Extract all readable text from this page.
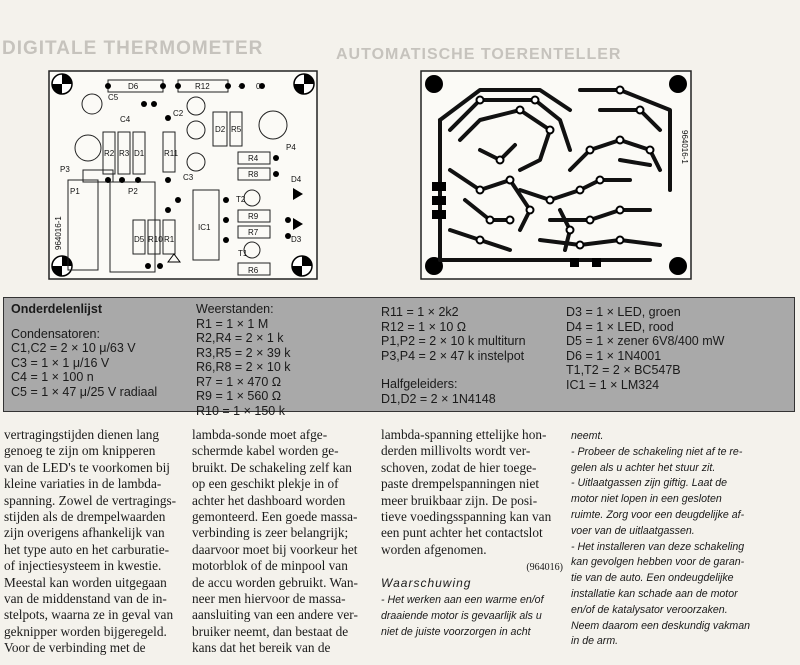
DIGITALE THERMOMETER	AUTOMATISCHE TOERENTELLER
D6	R12	+ 0
C5
C4
C2
D2 R5
P3
R2 R3 D1 R11
P4
R4
C3	R8
D4
P1	P2
T2
R9
D5 R10 R1
IC1
R7
D3
T1
R6
964016-1
964016-1
Onderdelenlijst
Condensatoren:
C1,C2 = 2 × 10 μ/63 V
C3 = 1 × 1 μ/16 V
C4 = 1 × 100 n
C5 = 1 × 47 μ/25 V radiaal
Weerstanden:
R1 = 1 × 1 M
R2,R4 = 2 × 1 k
R3,R5 = 2 × 39 k
R6,R8 = 2 × 10 k
R7 = 1 × 470 Ω
R9 = 1 × 560 Ω
R10 = 1 × 150 k
R11 = 1 × 2k2
R12 = 1 × 10 Ω
P1,P2 = 2 × 10 k multiturn
P3,P4 = 2 × 47 k instelpot
Halfgeleiders:
D1,D2 = 2 × 1N4148
D3 = 1 × LED, groen
D4 = 1 × LED, rood
D5 = 1 × zener 6V8/400 mW
D6 = 1 × 1N4001
T1,T2 = 2 × BC547B
IC1 = 1 × LM324
vertragingstijden dienen lang
genoeg te zijn om knipperen
van de LED's te voorkomen bij
kleine variaties in de lambda-
spanning. Zowel de vertragings-
stijden als de drempelwaarden
zijn overigens afhankelijk van
het type auto en het carburatie-
of injectiesysteem in kwestie.
Meestal kan worden uitgegaan
van de middenstand van de in-
stelpots, waarna ze in geval van
geknipper worden bijgeregeld.
Voor de verbinding met de
lambda-sonde moet afge-
schermde kabel worden ge-
bruikt. De schakeling zelf kan
op een geschikt plekje in of
achter het dashboard worden
gemonteerd. Een goede massa-
verbinding is zeer belangrijk;
daarvoor moet bij voorkeur het
motorblok of de minpool van
de accu worden gebruikt. Wan-
neer men hiervoor de massa-
aansluiting van een andere ver-
bruiker neemt, dan bestaat de
kans dat het bereik van de
lambda-spanning ettelijke hon-
derden millivolts wordt ver-
schoven, zodat de hier toege-
paste drempelspanningen niet
meer bruikbaar zijn. De posi-
tieve voedingsspanning kan van
een punt achter het contactslot
worden afgenomen.
(964016)
Waarschuwing
- Het werken aan een warme en/of
draaiende motor is gevaarlijk als u
niet de juiste voorzorgen in acht
neemt.
- Probeer de schakeling niet af te re-
gelen als u achter het stuur zit.
- Uitlaatgassen zijn giftig. Laat de
motor niet lopen in een gesloten
ruimte. Zorg voor een deugdelijke af-
voer van de uitlaatgassen.
- Het installeren van deze schakeling
kan gevolgen hebben voor de garan-
tie van de auto. Een ondeugdelijke
installatie kan schade aan de motor
en/of de katalysator veroorzaken.
Neem daarom een deskundig vakman
in de arm.
